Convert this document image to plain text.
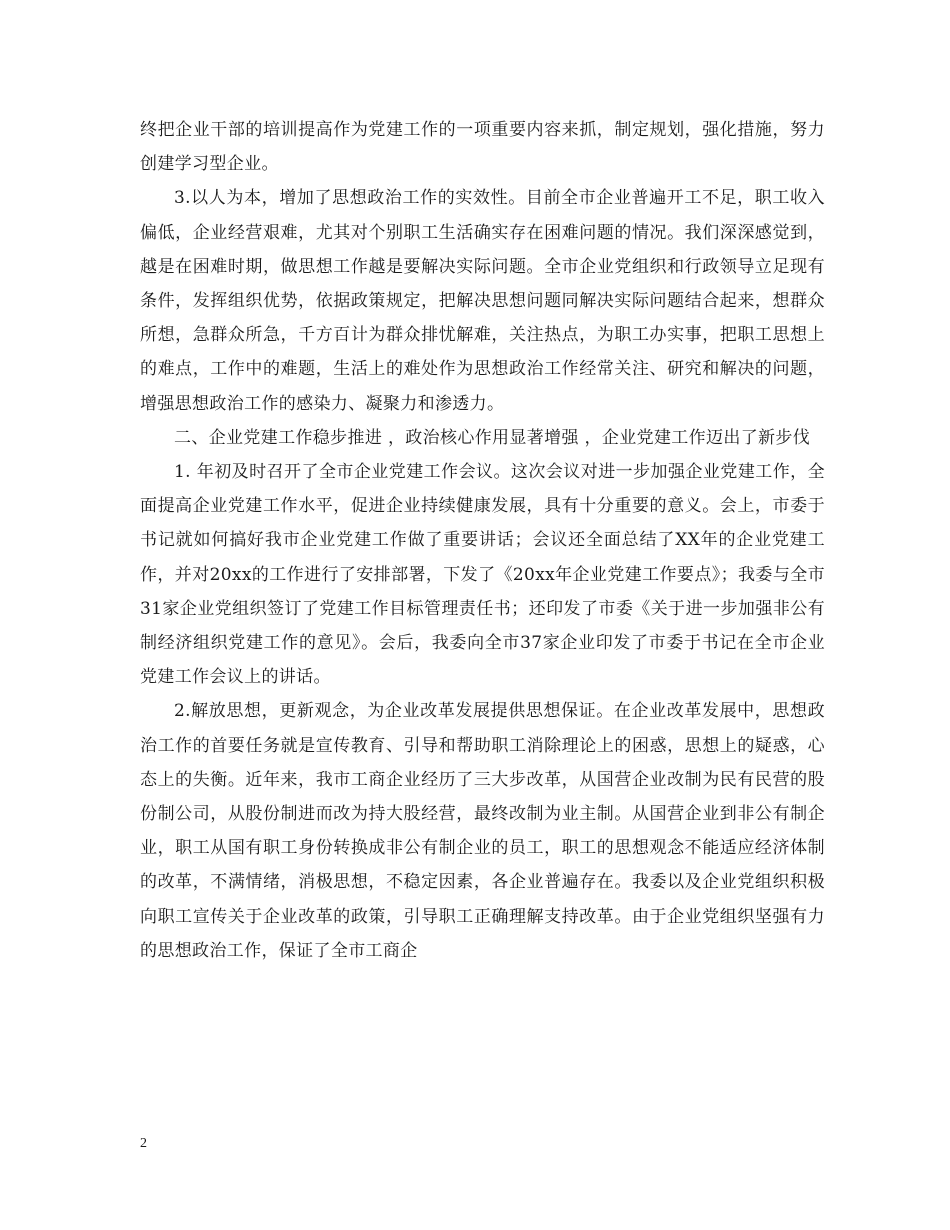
终把企业干部的培训提高作为党建工作的一项重要内容来抓，制定规划，强化措施，努力创建学习型企业。

3.以人为本，增加了思想政治工作的实效性。目前全市企业普遍开工不足，职工收入偏低，企业经营艰难，尤其对个别职工生活确实存在困难问题的情况。我们深深感觉到，越是在困难时期，做思想工作越是要解决实际问题。全市企业党组织和行政领导立足现有条件，发挥组织优势，依据政策规定，把解决思想问题同解决实际问题结合起来，想群众所想，急群众所急，千方百计为群众排忧解难，关注热点，为职工办实事，把职工思想上的难点，工作中的难题，生活上的难处作为思想政治工作经常关注、研究和解决的问题，增强思想政治工作的感染力、凝聚力和渗透力。

二、企业党建工作稳步推进 ，政治核心作用显著增强 ，企业党建工作迈出了新步伐

1. 年初及时召开了全市企业党建工作会议。这次会议对进一步加强企业党建工作，全面提高企业党建工作水平，促进企业持续健康发展，具有十分重要的意义。会上，市委于书记就如何搞好我市企业党建工作做了重要讲话；会议还全面总结了XX年的企业党建工作，并对20xx的工作进行了安排部署，下发了《20xx年企业党建工作要点》；我委与全市31家企业党组织签订了党建工作目标管理责任书；还印发了市委《关于进一步加强非公有制经济组织党建工作的意见》。会后，我委向全市37家企业印发了市委于书记在全市企业党建工作会议上的讲话。

2.解放思想，更新观念，为企业改革发展提供思想保证。在企业改革发展中，思想政治工作的首要任务就是宣传教育、引导和帮助职工消除理论上的困惑，思想上的疑惑，心态上的失衡。近年来，我市工商企业经历了三大步改革，从国营企业改制为民有民营的股份制公司，从股份制进而改为持大股经营，最终改制为业主制。从国营企业到非公有制企业，职工从国有职工身份转换成非公有制企业的员工，职工的思想观念不能适应经济体制的改革，不满情绪，消极思想，不稳定因素，各企业普遍存在。我委以及企业党组织积极向职工宣传关于企业改革的政策，引导职工正确理解支持改革。由于企业党组织坚强有力的思想政治工作，保证了全市工商企

2
